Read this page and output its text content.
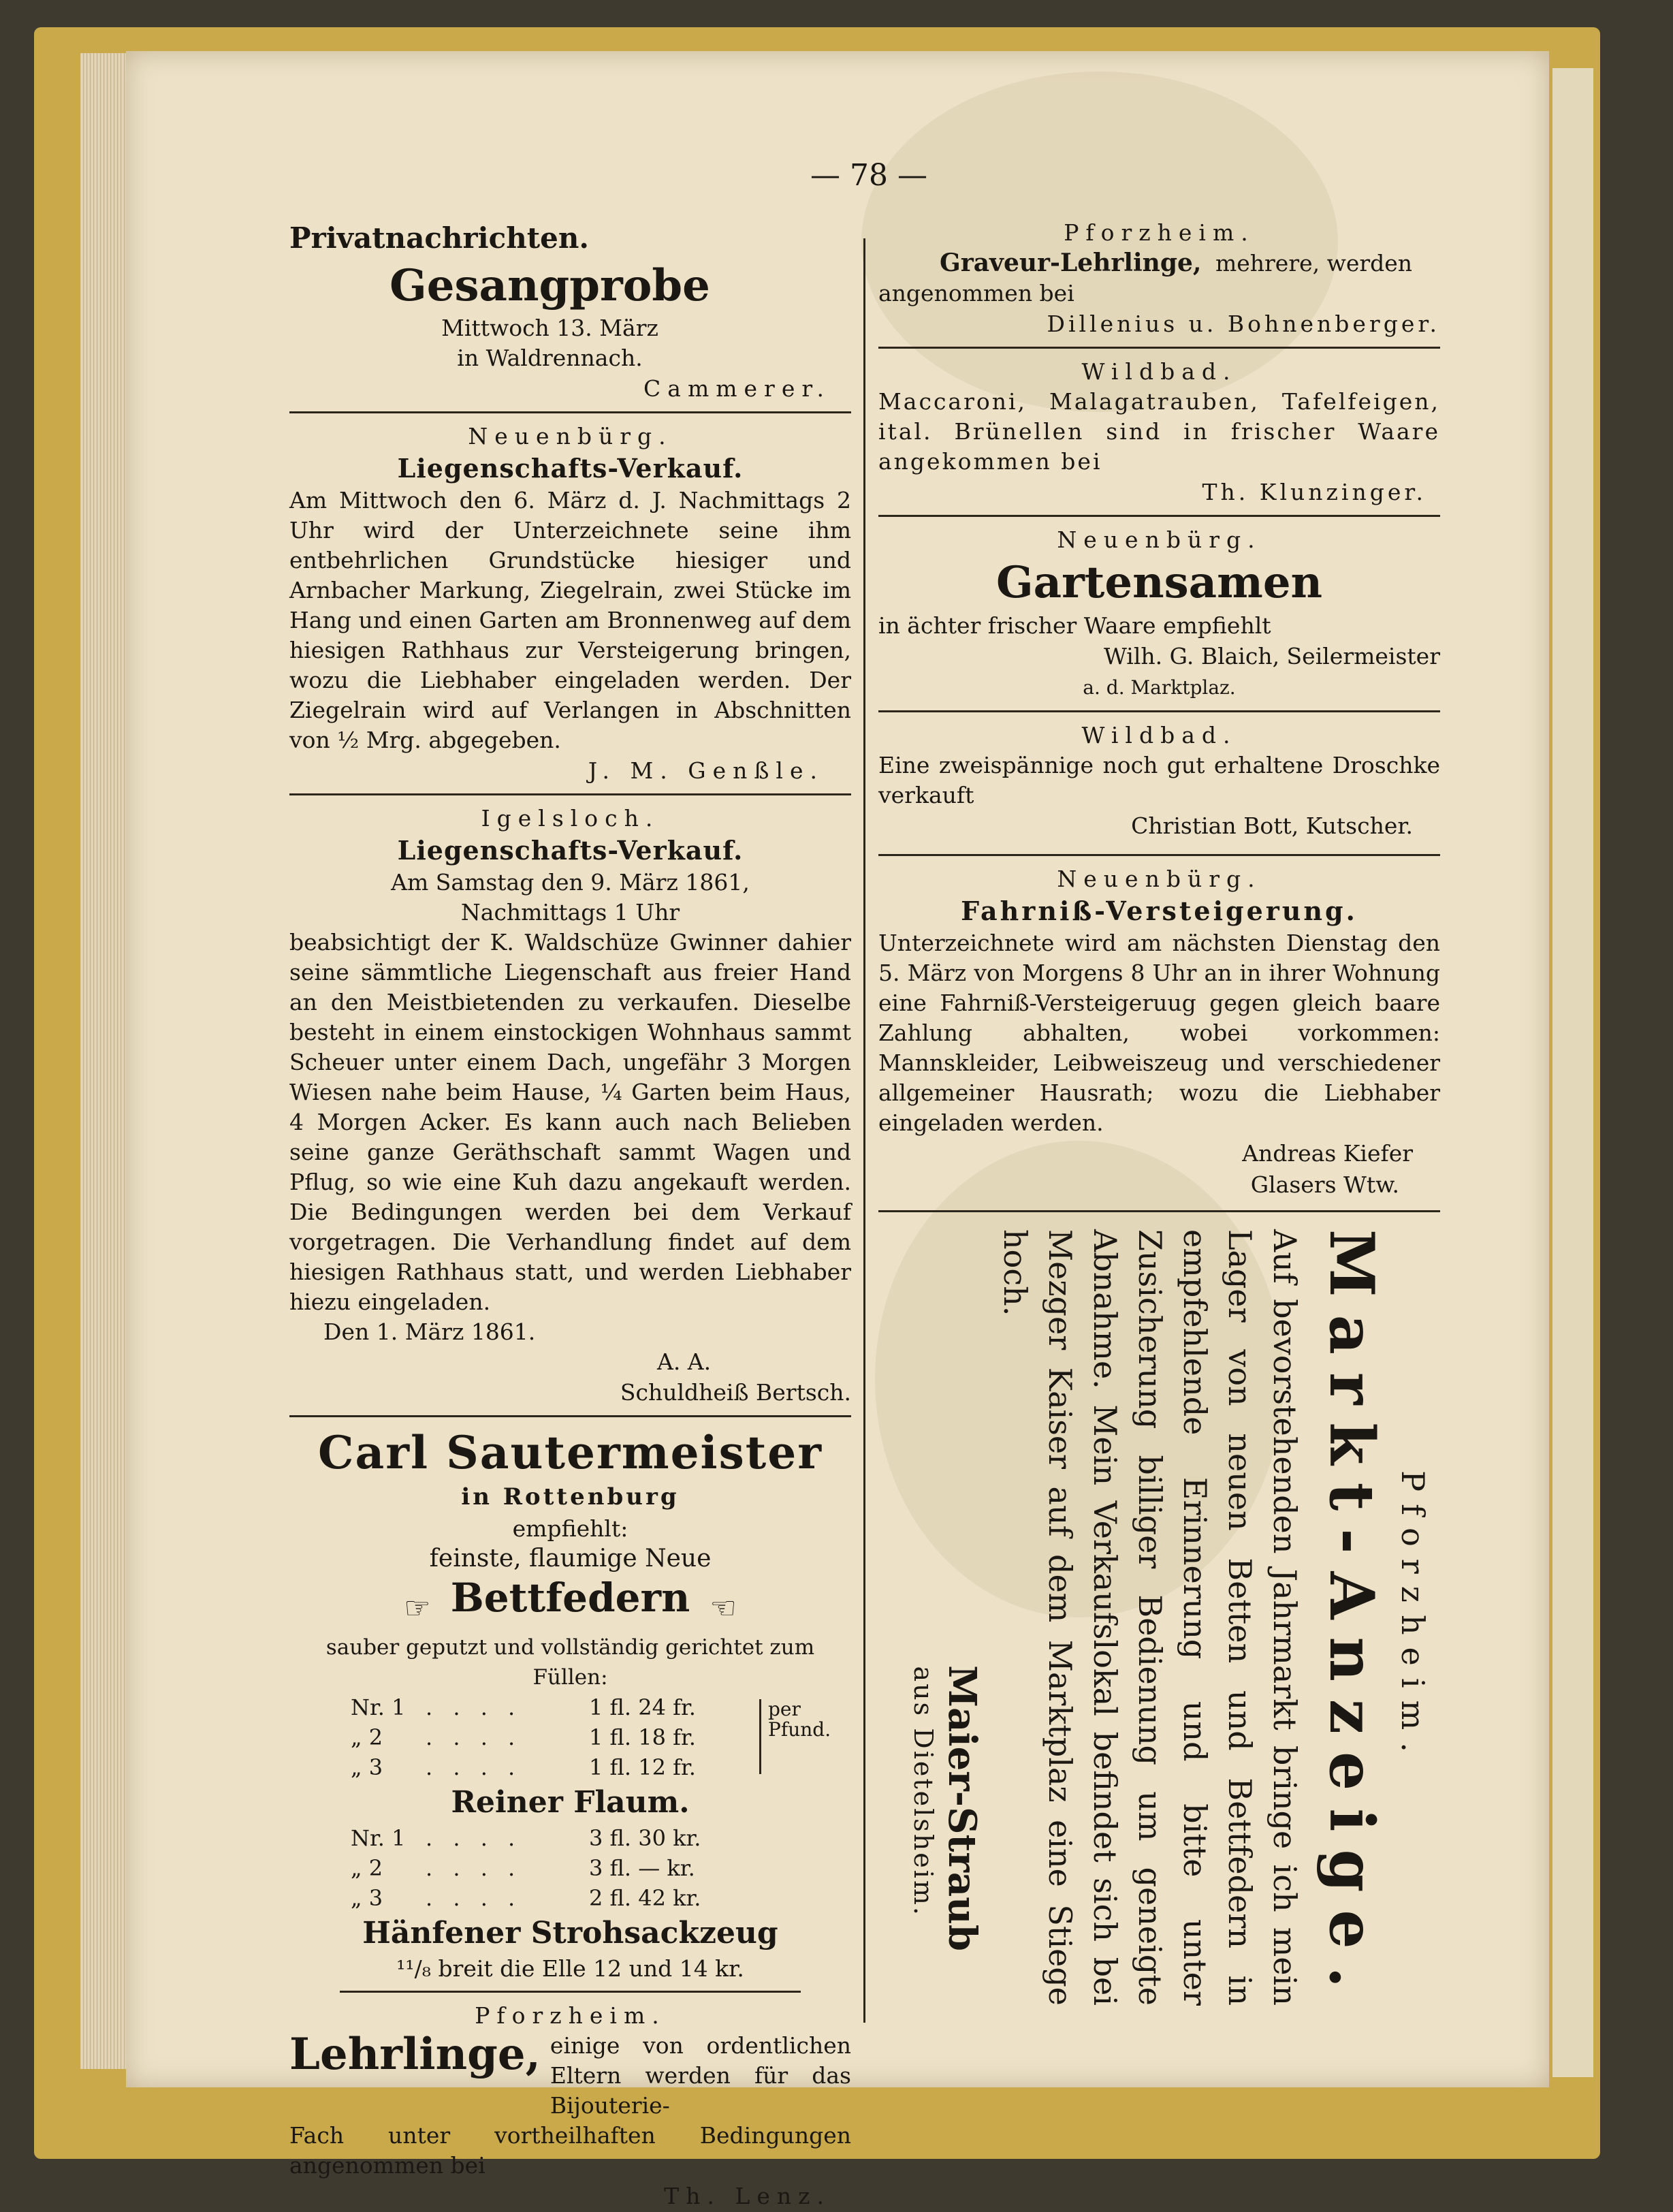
— 78 —
Privatnachrichten.
Gesangprobe
Mittwoch 13. März
in Waldrennach.
Cammerer.
Neuenbürg.
Liegenschafts-Verkauf.

Am Mittwoch den 6. März d. J. Nachmittags 2 Uhr wird der Unterzeichnete seine ihm entbehrlichen Grundstücke hiesiger und Arnbacher Markung, Ziegelrain, zwei Stücke im Hang und einen Garten am Bronnenweg auf dem hiesigen Rathhaus zur Versteigerung bringen, wozu die Liebhaber eingeladen werden. Der Ziegelrain wird auf Verlangen in Abschnitten von ½ Mrg. abgegeben.

J. M. Genßle.
Igelsloch.
Liegenschafts-Verkauf.
Am Samstag den 9. März 1861,
Nachmittags 1 Uhr

beabsichtigt der K. Waldschüze Gwinner dahier seine sämmtliche Liegenschaft aus freier Hand an den Meistbietenden zu verkaufen. Dieselbe besteht in einem einstockigen Wohnhaus sammt Scheuer unter einem Dach, ungefähr 3 Morgen Wiesen nahe beim Hause, ¼ Garten beim Haus, 4 Morgen Acker. Es kann auch nach Belieben seine ganze Geräthschaft sammt Wagen und Pflug, so wie eine Kuh dazu angekauft werden. Die Bedingungen werden bei dem Verkauf vorgetragen. Die Verhandlung findet auf dem hiesigen Rathhaus statt, und werden Liebhaber hiezu eingeladen.

Den 1. März 1861.
A. A.
Schuldheiß Bertsch.
Carl Sautermeister
in Rottenburg
empfiehlt:
feinste, flaumige Neue
☞ Bettfedern ☜
sauber geputzt und vollständig gerichtet zum Füllen:
Nr. 1 . . . .	1 fl. 24 fr.
„ 2	. . . .	1 fl. 18 fr.
„ 3	. . . .	1 fl. 12 fr.
per Pfund.
Reiner Flaum.
Nr. 1 . . . .	3 fl. 30 kr.
„ 2	. . . .	3 fl. — kr.
„ 3	. . . .	2 fl. 42 kr.
Hänfener Strohsackzeug
¹¹/₈ breit die Elle 12 und 14 kr.
Pforzheim.
Lehrlinge, einige von ordentlichen Eltern werden für das Bijouterie-

Fach unter vortheilhaften Bedingungen angenommen bei

Th. Lenz.
Pforzheim.
Graveur-Lehrlinge, mehrere, werden
angenommen bei
Dillenius u. Bohnenberger.
Wildbad.

Maccaroni, Malagatrauben, Tafelfeigen, ital. Brünellen sind in frischer Waare angekommen bei

Th. Klunzinger.
Neuenbürg.
Gartensamen
in ächter frischer Waare empfiehlt
Wilh. G. Blaich, Seilermeister
a. d. Marktplaz.
Wildbad.

Eine zweispännige noch gut erhaltene Droschke verkauft

Christian Bott, Kutscher.
Neuenbürg.
Fahrniß-Versteigerung.

Unterzeichnete wird am nächsten Dienstag den 5. März von Morgens 8 Uhr an in ihrer Wohnung eine Fahrniß-Versteigeruug gegen gleich baare Zahlung abhalten, wobei vorkommen: Mannskleider, Leibweiszeug und verschiedener allgemeiner Hausrath; wozu die Liebhaber eingeladen werden.

Andreas Kiefer
Glasers Wtw.
Pforzheim.
Markt-Anzeige.

Auf bevorstehenden Jahrmarkt bringe ich mein Lager von neuen Betten und Bettfedern in empfehlende Erinnerung und bitte unter Zusicherung billiger Bedienung um geneigte Abnahme. Mein Verkaufslokal befindet sich bei Mezger Kaiser auf dem Marktplaz eine Stiege hoch.

Maier-Straub
aus Dietelsheim.
